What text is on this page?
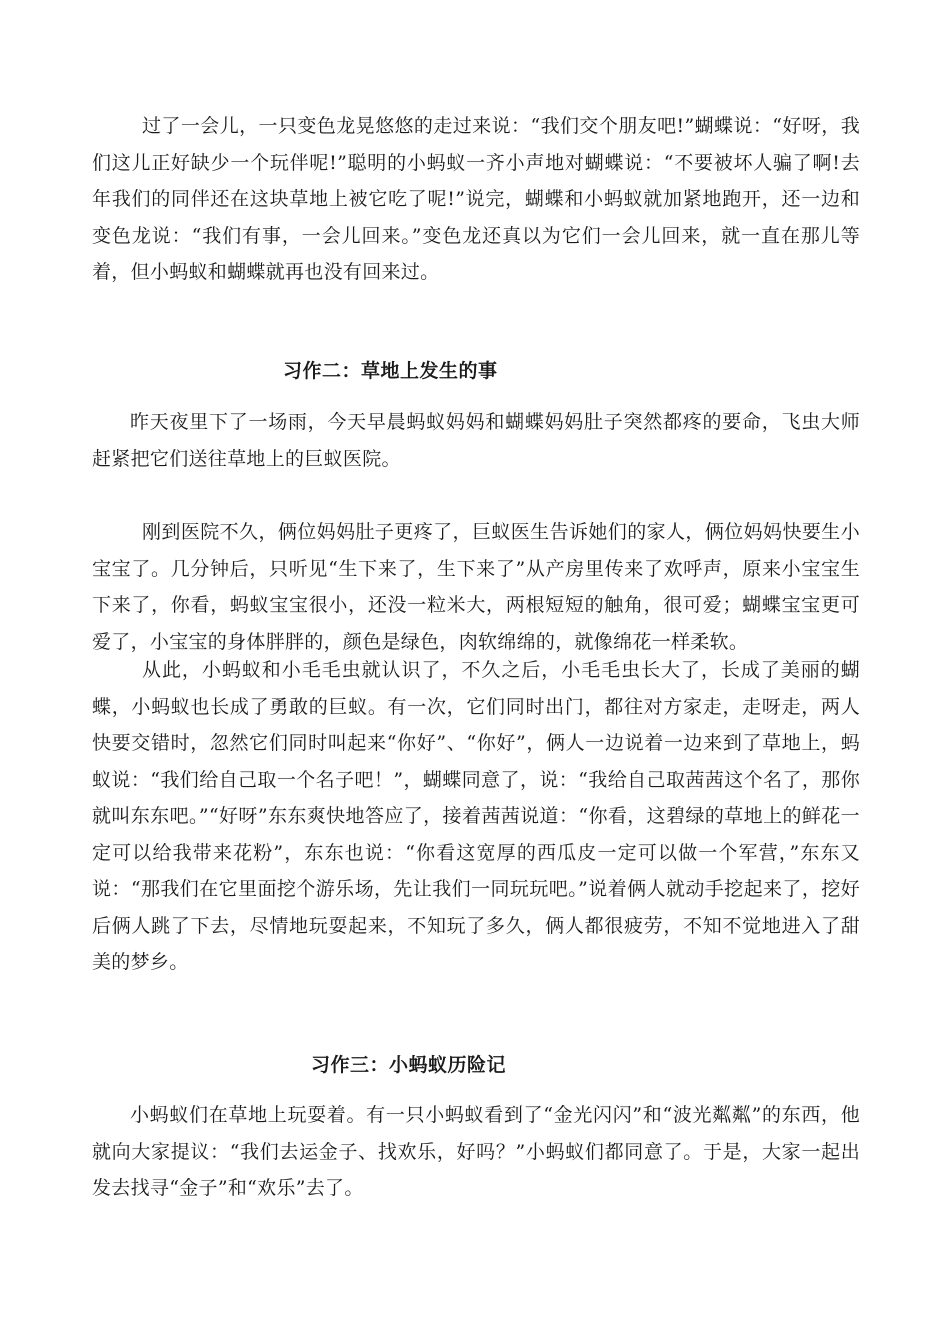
过了一会儿，一只变色龙晃悠悠的走过来说：“我们交个朋友吧!”蝴蝶说：“好呀，我们这儿正好缺少一个玩伴呢!”聪明的小蚂蚁一齐小声地对蝴蝶说：“不要被坏人骗了啊!去年我们的同伴还在这块草地上被它吃了呢!”说完，蝴蝶和小蚂蚁就加紧地跑开，还一边和变色龙说：“我们有事，一会儿回来。”变色龙还真以为它们一会儿回来，就一直在那儿等着，但小蚂蚁和蝴蝶就再也没有回来过。

习作二：草地上发生的事

昨天夜里下了一场雨，今天早晨蚂蚁妈妈和蝴蝶妈妈肚子突然都疼的要命，飞虫大师赶紧把它们送往草地上的巨蚁医院。

刚到医院不久，俩位妈妈肚子更疼了，巨蚁医生告诉她们的家人，俩位妈妈快要生小宝宝了。几分钟后，只听见“生下来了，生下来了”从产房里传来了欢呼声，原来小宝宝生下来了，你看，蚂蚁宝宝很小，还没一粒米大，两根短短的触角，很可爱；蝴蝶宝宝更可爱了，小宝宝的身体胖胖的，颜色是绿色，肉软绵绵的，就像绵花一样柔软。

从此，小蚂蚁和小毛毛虫就认识了，不久之后，小毛毛虫长大了，长成了美丽的蝴蝶，小蚂蚁也长成了勇敢的巨蚁。有一次，它们同时出门，都往对方家走，走呀走，两人快要交错时，忽然它们同时叫起来“你好”、“你好”，俩人一边说着一边来到了草地上，蚂蚁说：“我们给自己取一个名子吧！”，蝴蝶同意了，说：“我给自己取茜茜这个名了，那你就叫东东吧。”“好呀”东东爽快地答应了，接着茜茜说道：“你看，这碧绿的草地上的鲜花一定可以给我带来花粉”，东东也说：“你看这宽厚的西瓜皮一定可以做一个军营，”东东又说：“那我们在它里面挖个游乐场，先让我们一同玩玩吧。”说着俩人就动手挖起来了，挖好后俩人跳了下去，尽情地玩耍起来，不知玩了多久，俩人都很疲劳，不知不觉地进入了甜美的梦乡。

习作三：小蚂蚁历险记

小蚂蚁们在草地上玩耍着。有一只小蚂蚁看到了“金光闪闪”和“波光粼粼”的东西，他就向大家提议：“我们去运金子、找欢乐，好吗？”小蚂蚁们都同意了。于是，大家一起出发去找寻“金子”和“欢乐”去了。
